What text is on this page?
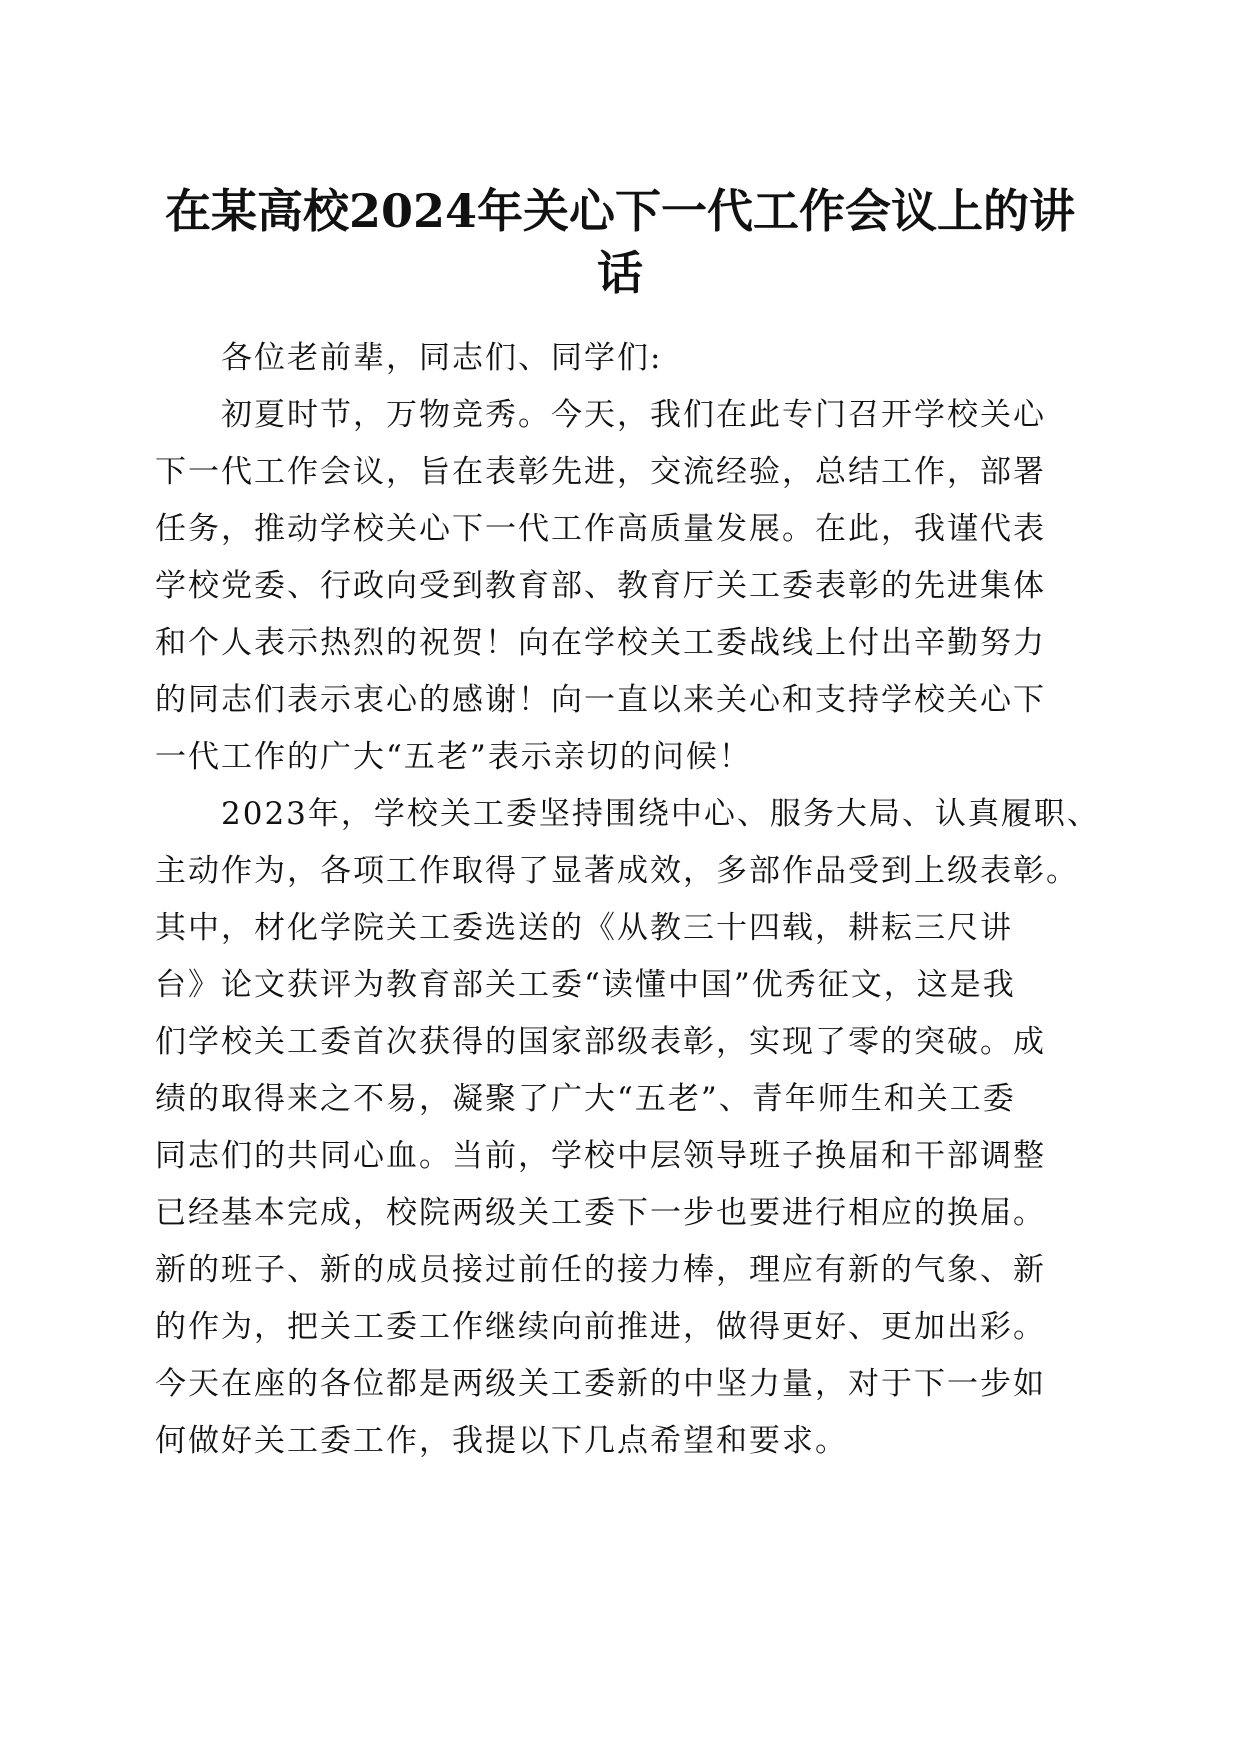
在某高校2024年关心下一代工作会议上的讲
话
各位老前辈，同志们、同学们:
初夏时节，万物竞秀。今天，我们在此专门召开学校关心
下一代工作会议，旨在表彰先进，交流经验，总结工作，部署
任务，推动学校关心下一代工作高质量发展。在此，我谨代表
学校党委、行政向受到教育部、教育厅关工委表彰的先进集体
和个人表示热烈的祝贺！向在学校关工委战线上付出辛勤努力
的同志们表示衷心的感谢！向一直以来关心和支持学校关心下
一代工作的广大“五老”表示亲切的问候！
2023年，学校关工委坚持围绕中心、服务大局、认真履职、
主动作为，各项工作取得了显著成效，多部作品受到上级表彰。
其中，材化学院关工委选送的《从教三十四载，耕耘三尺讲
台》论文获评为教育部关工委“读懂中国”优秀征文，这是我
们学校关工委首次获得的国家部级表彰，实现了零的突破。成
绩的取得来之不易，凝聚了广大“五老”、青年师生和关工委
同志们的共同心血。当前，学校中层领导班子换届和干部调整
已经基本完成，校院两级关工委下一步也要进行相应的换届。
新的班子、新的成员接过前任的接力棒，理应有新的气象、新
的作为，把关工委工作继续向前推进，做得更好、更加出彩。
今天在座的各位都是两级关工委新的中坚力量，对于下一步如
何做好关工委工作，我提以下几点希望和要求。
